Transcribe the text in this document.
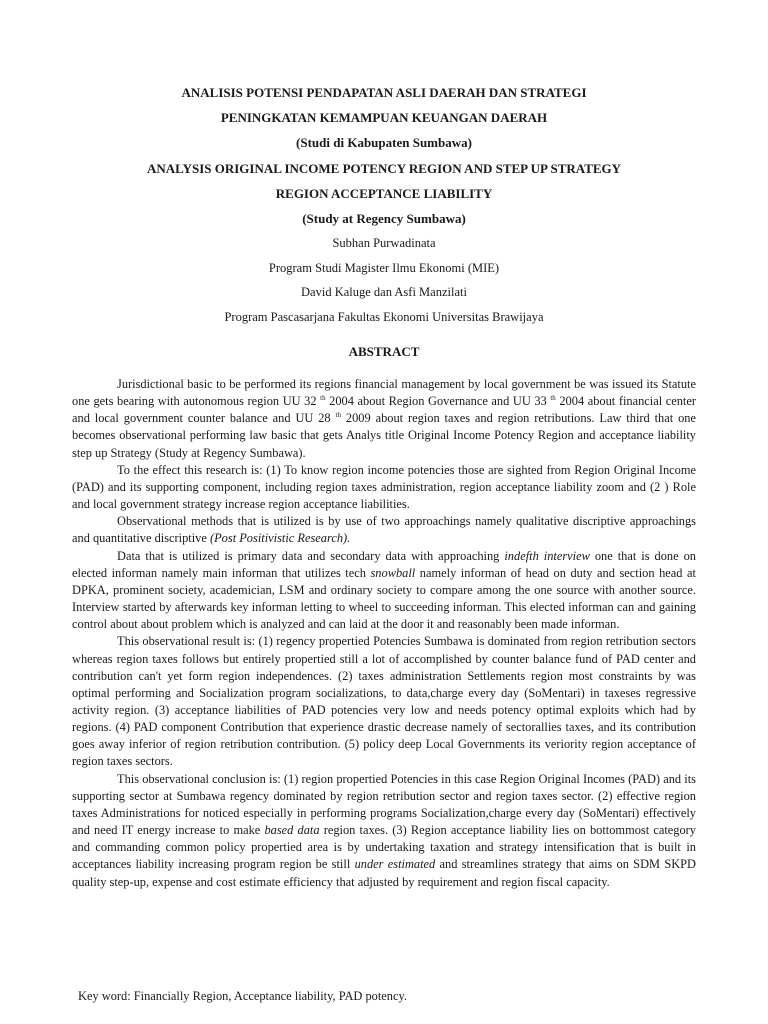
ANALISIS POTENSI PENDAPATAN ASLI DAERAH DAN STRATEGI
PENINGKATAN KEMAMPUAN KEUANGAN DAERAH
(Studi di Kabupaten Sumbawa)
ANALYSIS ORIGINAL INCOME POTENCY REGION AND STEP UP STRATEGY
REGION ACCEPTANCE LIABILITY
(Study at Regency Sumbawa)
Subhan Purwadinata
Program Studi Magister Ilmu Ekonomi (MIE)
David Kaluge dan Asfi Manzilati
Program Pascasarjana Fakultas Ekonomi Universitas Brawijaya
ABSTRACT

Jurisdictional basic to be performed its regions financial management by local government be was issued its Statute one gets bearing with autonomous region UU 32 $^{th}$ 2004 about Region Governance and UU 33 $^{th}$ 2004 about financial center and local government counter balance and UU 28 $^{th}$ 2009 about region taxes and region retributions. Law third that one becomes observational performing law basic that gets Analys title Original Income Potency Region and acceptance liability step up Strategy (Study at Regency Sumbawa).

To the effect this research is: (1) To know region income potencies those are sighted from Region Original Income (PAD) and its supporting component, including region taxes administration, region acceptance liability zoom and (2 ) Role and local government strategy increase region acceptance liabilities.

Observational methods that is utilized is by use of two approachings namely qualitative discriptive approachings and quantitative discriptive (Post Positivistic Research).

Data that is utilized is primary data and secondary data with approaching indefth interview one that is done on elected informan namely main informan that utilizes tech snowball namely informan of head on duty and section head at DPKA, prominent society, academician, LSM and ordinary society to compare among the one source with another source. Interview started by afterwards key informan letting to wheel to succeeding informan. This elected informan can and gaining control about about problem which is analyzed and can laid at the door it and reasonably been made informan.

This observational result is: (1) regency propertied Potencies Sumbawa is dominated from region retribution sectors whereas region taxes follows but entirely propertied still a lot of accomplished by counter balance fund of PAD center and contribution can't yet form region independences. (2) taxes administration Settlements region most constraints by was optimal performing and Socialization program socializations, to data,charge every day (SoMentari) in taxeses regressive activity region. (3) acceptance liabilities of PAD potencies very low and needs potency optimal exploits which had by regions. (4) PAD component Contribution that experience drastic decrease namely of sectorallies taxes, and its contribution goes away inferior of region retribution contribution. (5) policy deep Local Governments its veriority region acceptance of region taxes sectors.

This observational conclusion is: (1) region propertied Potencies in this case Region Original Incomes (PAD) and its supporting sector at Sumbawa regency dominated by region retribution sector and region taxes sector. (2) effective region taxes Administrations for noticed especially in performing programs Socialization,charge every day (SoMentari) effectively and need IT energy increase to make based data region taxes. (3) Region acceptance liability lies on bottommost category and commanding common policy propertied area is by undertaking taxation and strategy intensification that is built in acceptances liability increasing program region be still under estimated and streamlines strategy that aims on SDM SKPD quality step-up, expense and cost estimate efficiency that adjusted by requirement and region fiscal capacity.

Key word: Financially Region, Acceptance liability, PAD potency.
